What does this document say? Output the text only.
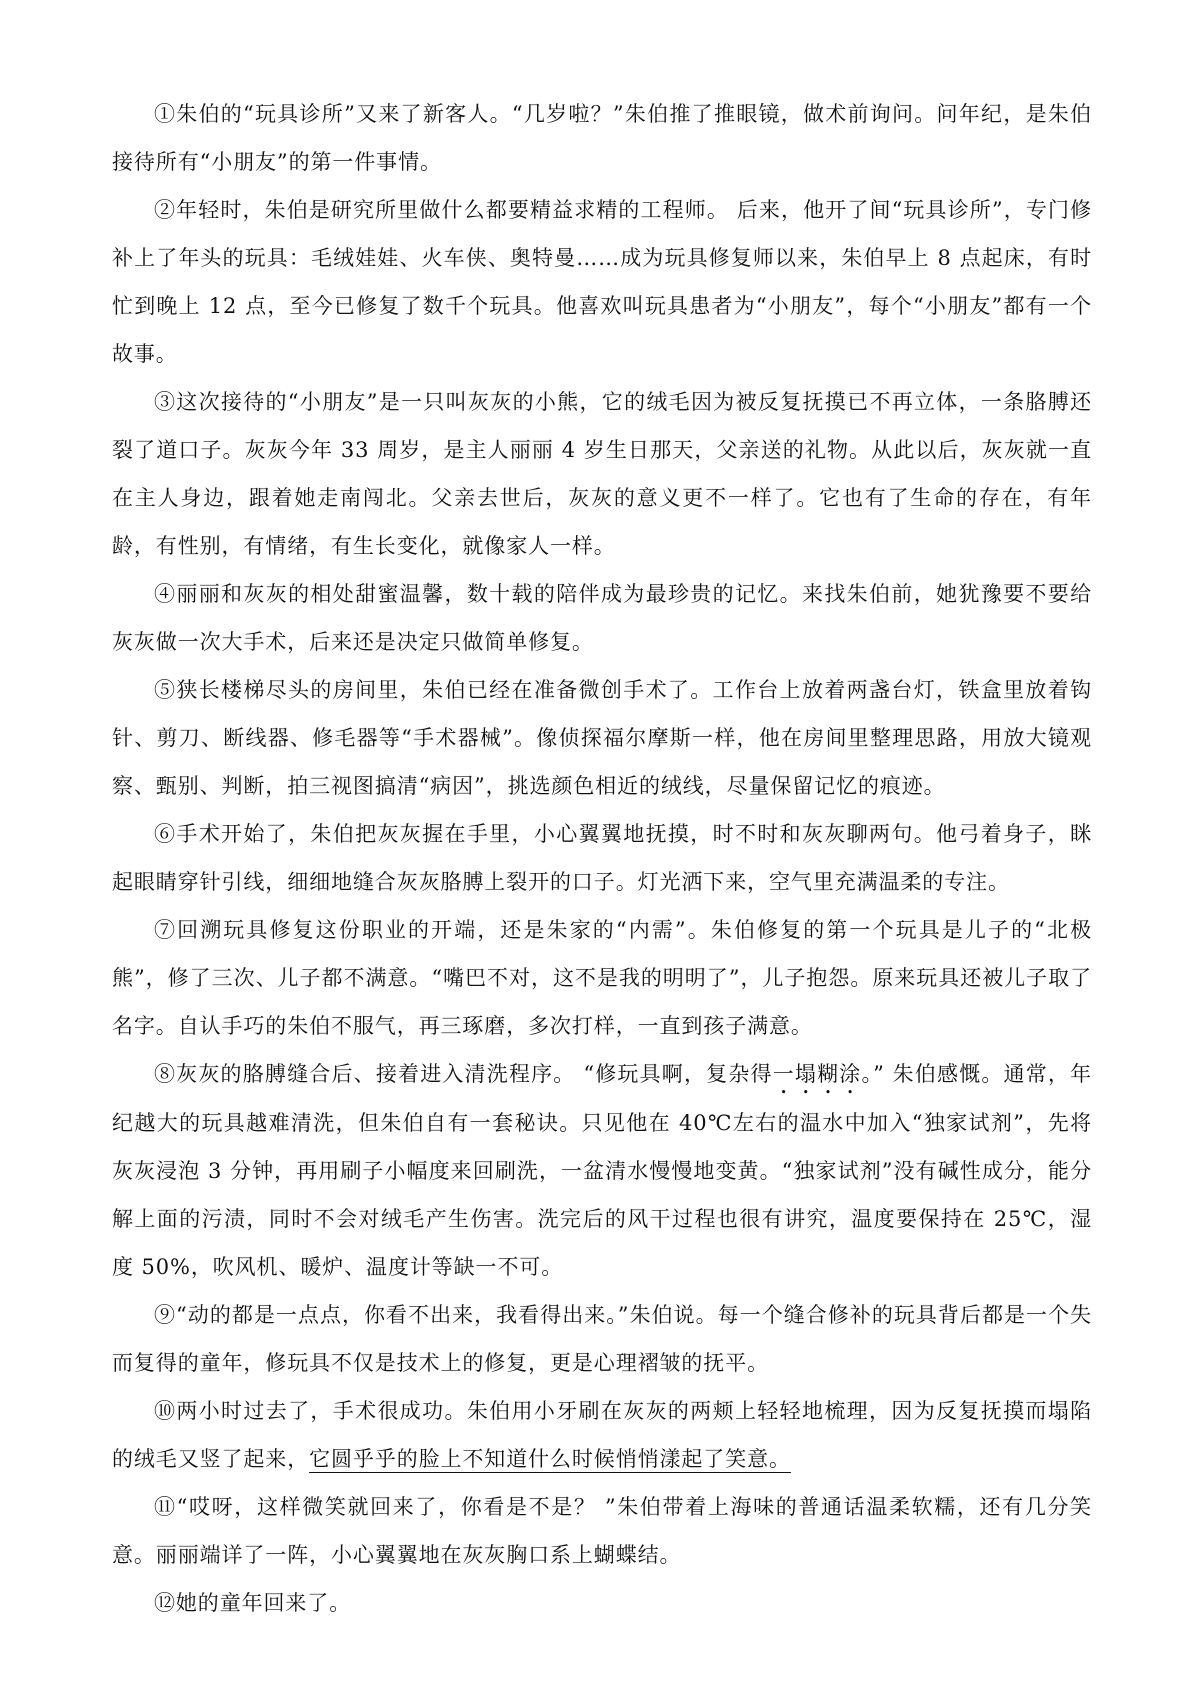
①朱伯的“玩具诊所”又来了新客人。“几岁啦？”朱伯推了推眼镜，做术前询问。问年纪，是朱伯接待所有“小朋友”的第一件事情。

②年轻时，朱伯是研究所里做什么都要精益求精的工程师。 后来，他开了间“玩具诊所”，专门修补上了年头的玩具：毛绒娃娃、火车侠、奥特曼……成为玩具修复师以来，朱伯早上 8 点起床，有时忙到晚上 12 点，至今已修复了数千个玩具。他喜欢叫玩具患者为“小朋友”，每个“小朋友”都有一个故事。

③这次接待的“小朋友”是一只叫灰灰的小熊，它的绒毛因为被反复抚摸已不再立体，一条胳膊还裂了道口子。灰灰今年 33 周岁，是主人丽丽 4 岁生日那天，父亲送的礼物。从此以后，灰灰就一直在主人身边，跟着她走南闯北。父亲去世后，灰灰的意义更不一样了。它也有了生命的存在，有年龄，有性别，有情绪，有生长变化，就像家人一样。

④丽丽和灰灰的相处甜蜜温馨，数十载的陪伴成为最珍贵的记忆。来找朱伯前，她犹豫要不要给灰灰做一次大手术，后来还是决定只做简单修复。

⑤狭长楼梯尽头的房间里，朱伯已经在准备微创手术了。工作台上放着两盏台灯，铁盒里放着钩针、剪刀、断线器、修毛器等“手术器械”。像侦探福尔摩斯一样，他在房间里整理思路，用放大镜观察、甄别、判断，拍三视图搞清“病因”，挑选颜色相近的绒线，尽量保留记忆的痕迹。

⑥手术开始了，朱伯把灰灰握在手里，小心翼翼地抚摸，时不时和灰灰聊两句。他弓着身子，眯起眼睛穿针引线，细细地缝合灰灰胳膊上裂开的口子。灯光洒下来，空气里充满温柔的专注。

⑦回溯玩具修复这份职业的开端，还是朱家的“内需”。朱伯修复的第一个玩具是儿子的“北极熊”，修了三次、儿子都不满意。“嘴巴不对，这不是我的明明了”，儿子抱怨。原来玩具还被儿子取了名字。自认手巧的朱伯不服气，再三琢磨，多次打样，一直到孩子满意。

⑧灰灰的胳膊缝合后、接着进入清洗程序。 “修玩具啊，复杂得一塌糊涂。” 朱伯感慨。通常，年纪越大的玩具越难清洗，但朱伯自有一套秘诀。只见他在 40℃左右的温水中加入“独家试剂”，先将灰灰浸泡 3 分钟，再用刷子小幅度来回刷洗，一盆清水慢慢地变黄。“独家试剂”没有碱性成分，能分解上面的污渍，同时不会对绒毛产生伤害。洗完后的风干过程也很有讲究，温度要保持在 25℃，湿度 50%，吹风机、暖炉、温度计等缺一不可。

⑨“动的都是一点点，你看不出来，我看得出来。”朱伯说。每一个缝合修补的玩具背后都是一个失而复得的童年，修玩具不仅是技术上的修复，更是心理褶皱的抚平。

⑩两小时过去了，手术很成功。朱伯用小牙刷在灰灰的两颊上轻轻地梳理，因为反复抚摸而塌陷的绒毛又竖了起来，它圆乎乎的脸上不知道什么时候悄悄漾起了笑意。

⑪“哎呀，这样微笑就回来了，你看是不是？ ”朱伯带着上海味的普通话温柔软糯，还有几分笑意。丽丽端详了一阵，小心翼翼地在灰灰胸口系上蝴蝶结。

⑫她的童年回来了。
